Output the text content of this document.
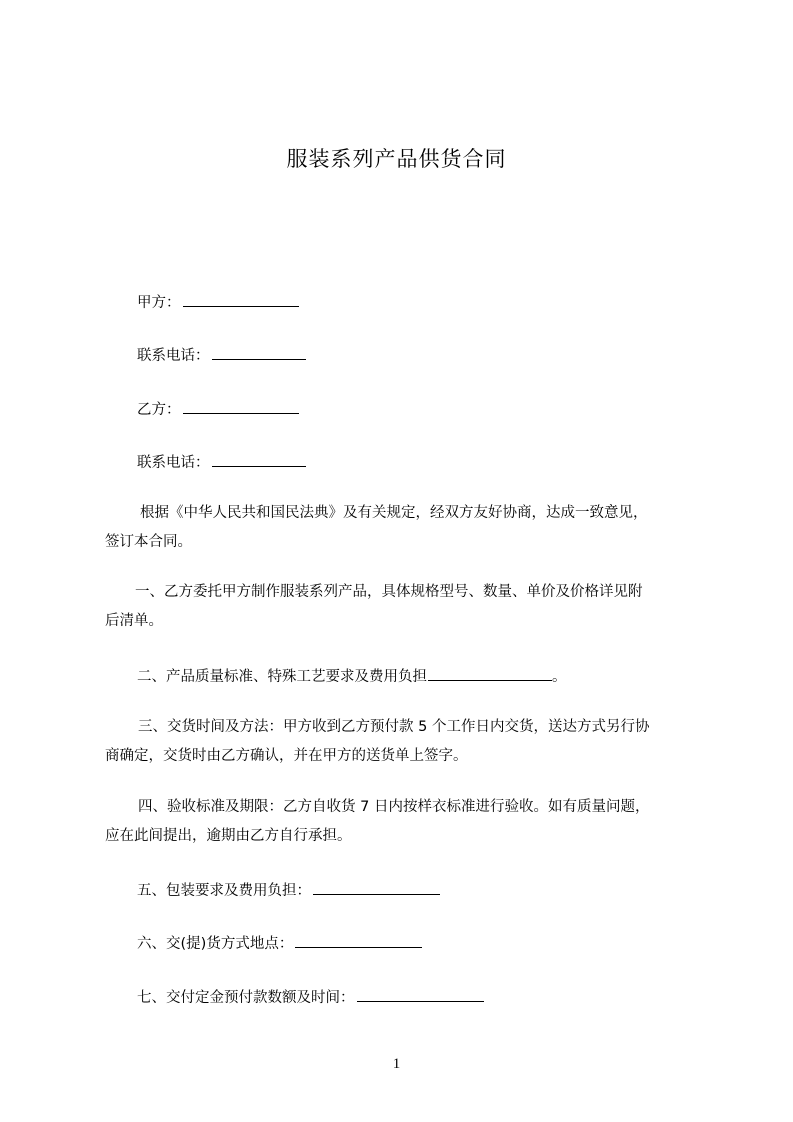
服装系列产品供货合同
甲方：
联系电话：
乙方：
联系电话：
根据《中华人民共和国民法典》及有关规定，经双方友好协商，达成一致意见，
签订本合同。
一、乙方委托甲方制作服装系列产品，具体规格型号、数量、单价及价格详见附
后清单。
二、产品质量标准、特殊工艺要求及费用负担	。
三、交货时间及方法：甲方收到乙方预付款 5 个工作日内交货，送达方式另行协
商确定，交货时由乙方确认，并在甲方的送货单上签字。
四、验收标准及期限：乙方自收货 7 日内按样衣标准进行验收。如有质量问题，
应在此间提出，逾期由乙方自行承担。
五、包装要求及费用负担：
六、交(提)货方式地点：
七、交付定金预付款数额及时间：
1
